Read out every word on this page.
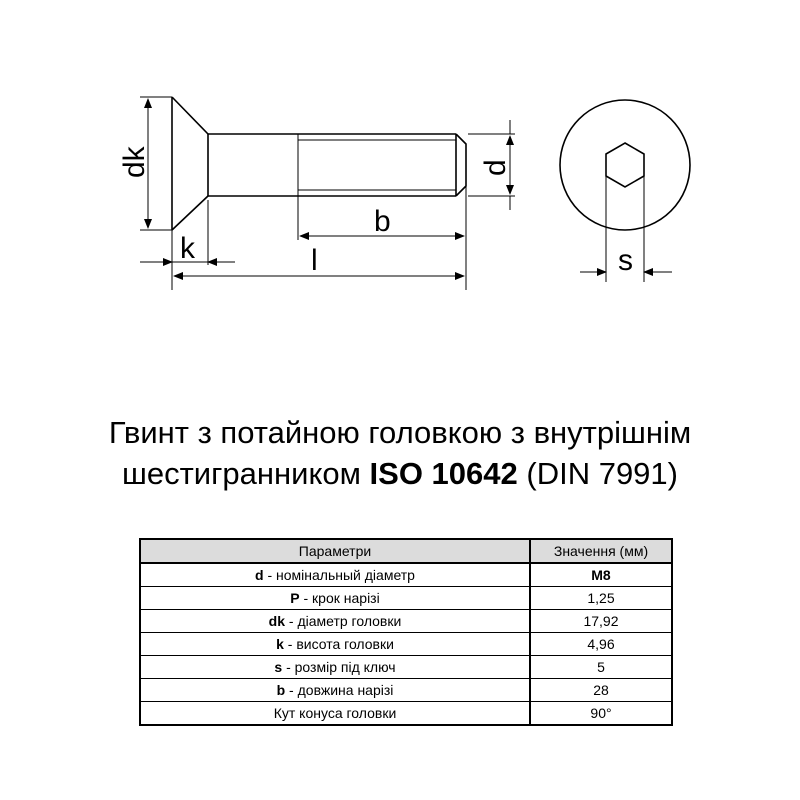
dk
k	l
b
d
s
Гвинт з потайною головкою з внутрішнім
шестигранником ISO 10642 (DIN 7991)
Параметри	Значення (мм)
d - номінальный діаметр	M8
P - крок нарізі	1,25
dk - діаметр головки	17,92
k - висота головки	4,96
s - розмір під ключ	5
b - довжина нарізі	28
Кут конуса головки	90°
